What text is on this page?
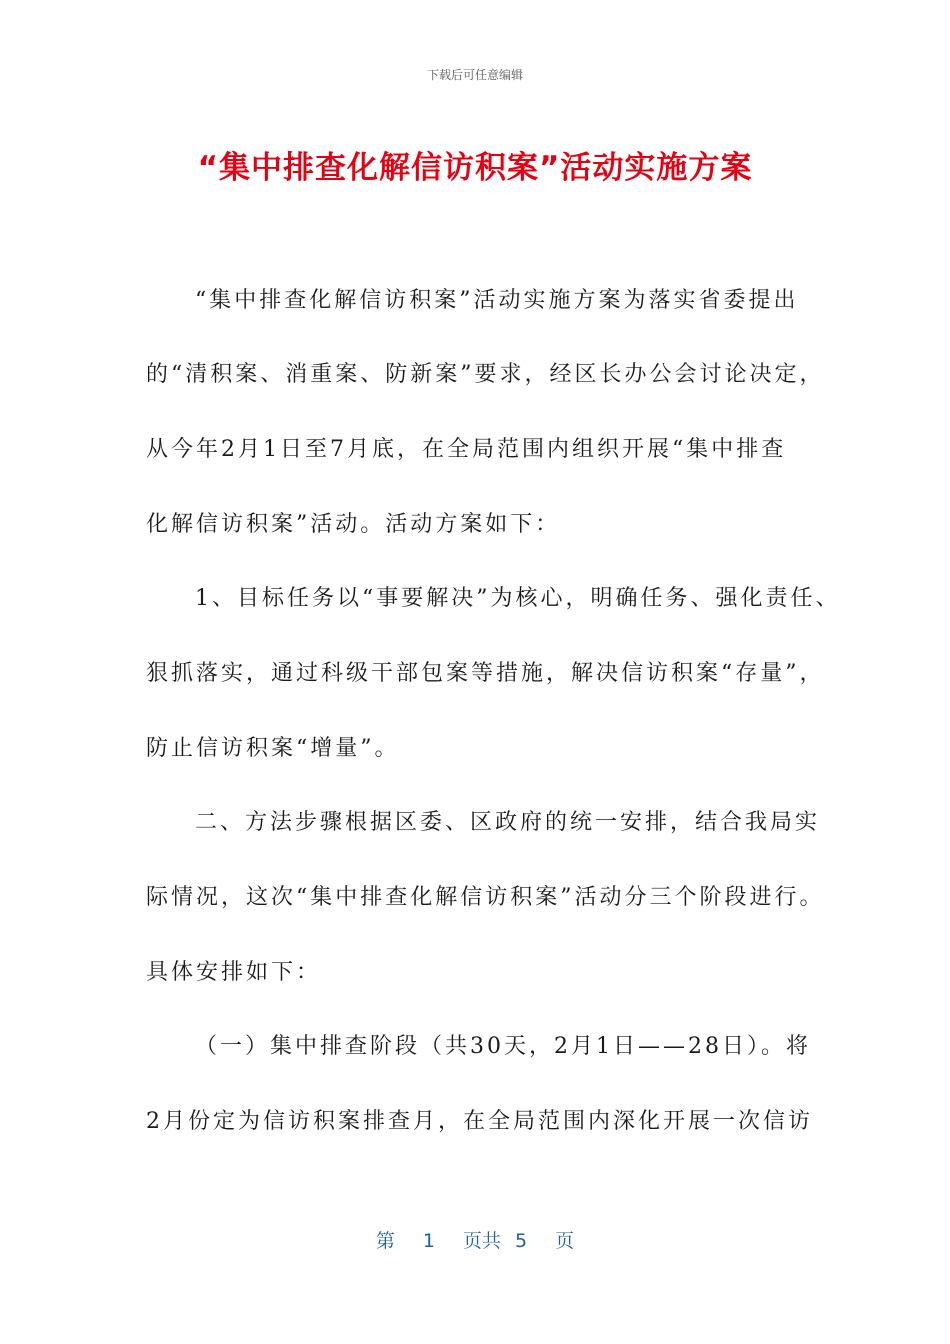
下载后可任意编辑
“集中排查化解信访积案”活动实施方案
“集中排查化解信访积案”活动实施方案为落实省委提出
的“清积案、消重案、防新案”要求，经区长办公会讨论决定，
从今年2月1日至7月底，在全局范围内组织开展“集中排查
化解信访积案”活动。活动方案如下：
1、目标任务以“事要解决”为核心，明确任务、强化责任、
狠抓落实，通过科级干部包案等措施，解决信访积案“存量”，
防止信访积案“增量”。
二、方法步骤根据区委、区政府的统一安排，结合我局实
际情况，这次“集中排查化解信访积案”活动分三个阶段进行。
具体安排如下：
（一）集中排查阶段（共30天，2月1日——28日）。将
2月份定为信访积案排查月，在全局范围内深化开展一次信访
第 1 页共 5 页
